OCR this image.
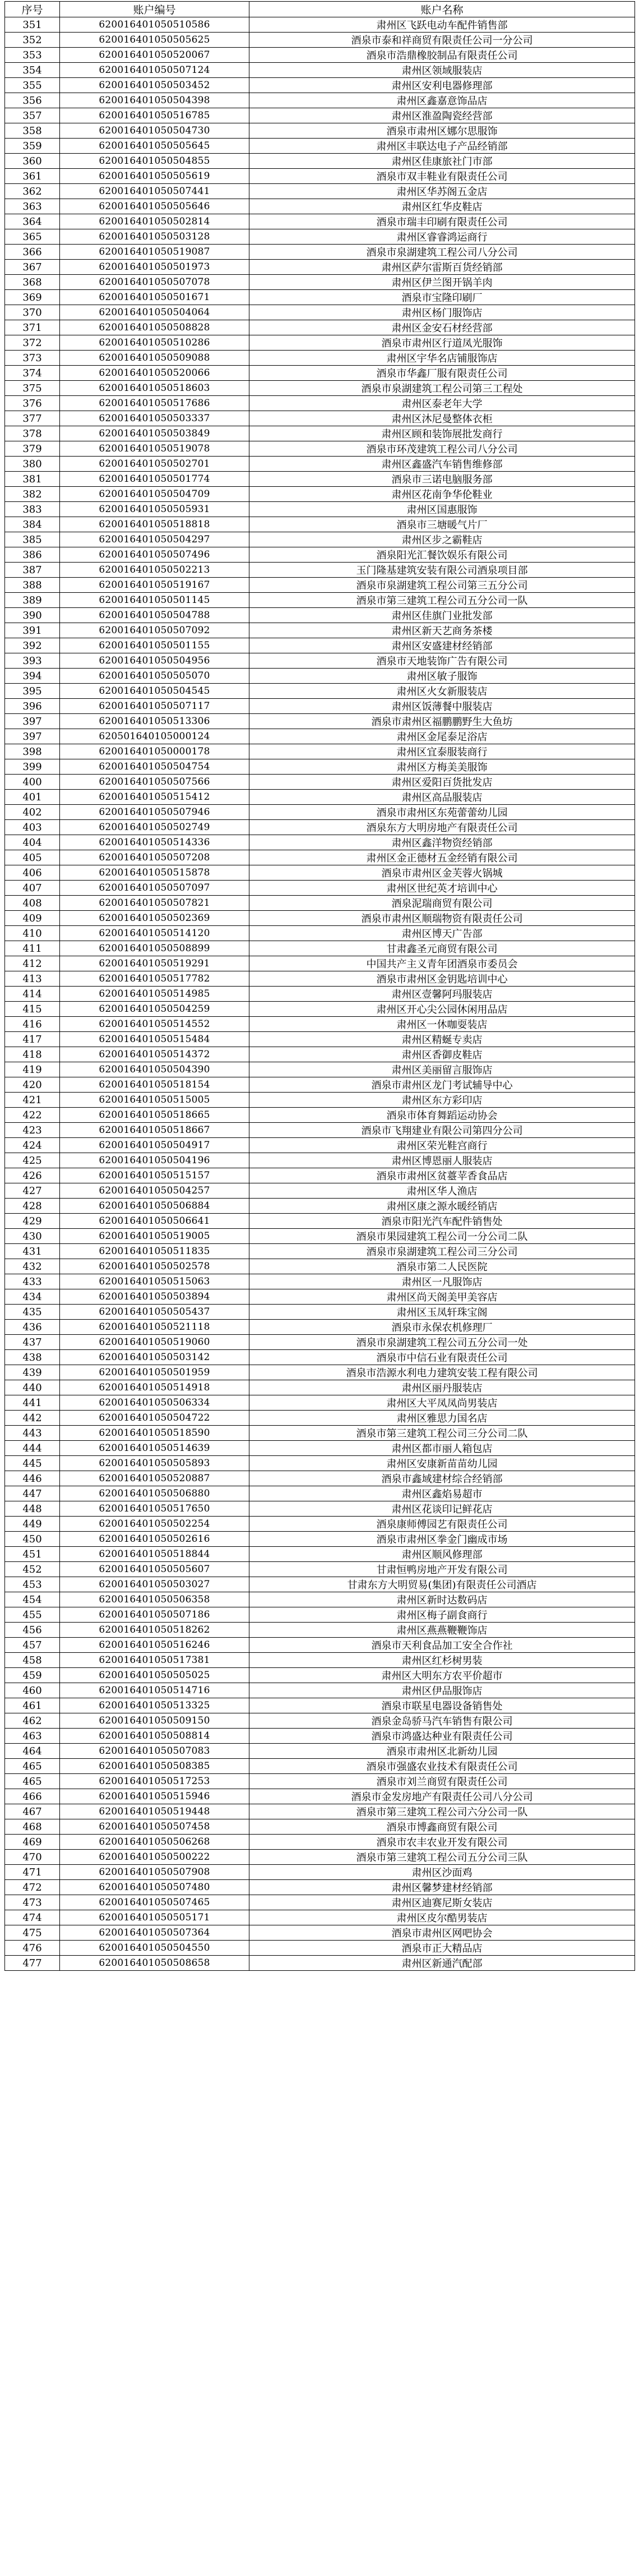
序号	账户编号	账户名称
351	620016401050510586	肃州区飞跃电动车配件销售部
352	620016401050505625	酒泉市泰和祥商贸有限责任公司一分公司
353	620016401050520067	酒泉市浩鼎橡胶制品有限责任公司
354	620016401050507124	肃州区领域服装店
355	620016401050503452	肃州区安利电器修理部
356	620016401050504398	肃州区鑫嘉意饰品店
357	620016401050516785	肃州区淮盈陶瓷经营部
358	620016401050504730	酒泉市肃州区娜尔思服饰
359	620016401050505645	肃州区丰联达电子产品经销部
360	620016401050504855	肃州区佳康旅社门市部
361	620016401050505619	酒泉市双丰鞋业有限责任公司
362	620016401050507441	肃州区华苏阁五金店
363	620016401050505646	肃州区红华皮鞋店
364	620016401050502814	酒泉市瑞丰印刷有限责任公司
365	620016401050503128	肃州区睿睿鸿运商行
366	620016401050519087	酒泉市泉湖建筑工程公司八分公司
367	620016401050501973	肃州区萨尔雷斯百货经销部
368	620016401050507078	肃州区伊兰图开锅羊肉
369	620016401050501671	酒泉市宝隆印刷厂
370	620016401050504064	肃州区杨门服饰店
371	620016401050508828	肃州区金安石材经营部
372	620016401050510286	酒泉市肃州区行道凤光服饰
373	620016401050509088	肃州区宇华名店铺服饰店
374	620016401050520066	酒泉市华鑫厂服有限责任公司
375	620016401050518603	酒泉市泉湖建筑工程公司第三工程处
376	620016401050517686	肃州区泰老年大学
377	620016401050503337	肃州区沐尼曼整体衣柜
378	620016401050503849	肃州区顾和装饰展批发商行
379	620016401050519078	酒泉市环茂建筑工程公司八分公司
380	620016401050502701	肃州区鑫盛汽车销售维修部
381	620016401050501774	酒泉市三诺电脑服务部
382	620016401050504709	肃州区花南争华伦鞋业
383	620016401050505931	肃州区国惠服饰
384	620016401050518818	酒泉市三塘暖气片厂
385	620016401050504297	肃州区步之霸鞋店
386	620016401050507496	酒泉阳光汇餐饮娱乐有限公司
387	620016401050502213	玉门隆基建筑安装有限公司酒泉项目部
388	620016401050519167	酒泉市泉湖建筑工程公司第三五分公司
389	620016401050501145	酒泉市第三建筑工程公司五分公司一队
390	620016401050504788	肃州区佳旗门业批发部
391	620016401050507092	肃州区新天艺商务茶楼
392	620016401050501155	肃州区安盛建材经销部
393	620016401050504956	酒泉市天地装饰广告有限公司
394	620016401050505070	肃州区敏子服饰
395	620016401050504545	肃州区火女新服装店
396	620016401050507117	肃州区饭薄餐中服装店
397	620016401050513306	酒泉市肃州区福鹏鹏野生大鱼坊
397	620501640105000124	肃州区金尾泰足浴店
398	620016401050000178	肃州区宜泰服装商行
399	620016401050504754	肃州区方梅美美服饰
400	620016401050507566	肃州区爱阳百货批发店
401	620016401050515412	肃州区高品服装店
402	620016401050507946	酒泉市肃州区东苑蕾蕾幼儿园
403	620016401050502749	酒泉东方大明房地产有限责任公司
404	620016401050514336	肃州区鑫洋物资经销部
405	620016401050507208	肃州区金正德材五金经销有限公司
406	620016401050515878	酒泉市肃州区金芙蓉火锅城
407	620016401050507097	肃州区世纪英才培训中心
408	620016401050507821	酒泉泥瑞商贸有限公司
409	620016401050502369	酒泉市肃州区顺瑞物资有限责任公司
410	620016401050514120	肃州区博天广告部
411	620016401050508899	甘肃鑫圣元商贸有限公司
412	620016401050519291	中国共产主义青年团酒泉市委员会
413	620016401050517782	酒泉市肃州区金钥匙培训中心
414	620016401050514985	肃州区壹馨阿玛服装店
415	620016401050504259	肃州区开心尖公园休闲用品店
416	620016401050514552	肃州区一休咖耍装店
417	620016401050515484	肃州区精蜒专卖店
418	620016401050514372	肃州区香御皮鞋店
419	620016401050504390	肃州区美丽留言服饰店
420	620016401050518154	酒泉市肃州区龙门考试辅导中心
421	620016401050515005	肃州区东方彩印店
422	620016401050518665	酒泉市体育舞蹈运动协会
423	620016401050518667	酒泉市飞翔建业有限公司第四分公司
424	620016401050504917	肃州区荣光鞋宫商行
425	620016401050504196	肃州区博恩丽人服装店
426	620016401050515157	酒泉市肃州区贫薹苹香食品店
427	620016401050504257	肃州区华人渔店
428	620016401050506884	肃州区康之源水暖经销店
429	620016401050506641	酒泉市阳光汽车配件销售处
430	620016401050519005	酒泉市果园建筑工程公司一分公司二队
431	620016401050511835	酒泉市泉湖建筑工程公司三分公司
432	620016401050502578	酒泉市第二人民医院
433	620016401050515063	肃州区一凡服饰店
434	620016401050503894	肃州区尚天阁美甲美容店
435	620016401050505437	肃州区玉凤轩珠宝阁
436	620016401050521118	酒泉市永保农机修理厂
437	620016401050519060	酒泉市泉湖建筑工程公司五分公司一处
438	620016401050503142	酒泉市中信石业有限责任公司
439	620016401050501959	酒泉市浩源水利电力建筑安装工程有限公司
440	620016401050514918	肃州区丽丹服装店
441	620016401050506334	肃州区大平凤凤尚男装店
442	620016401050504722	肃州区雅思力国名店
443	620016401050518590	酒泉市第三建筑工程公司三分公司二队
444	620016401050514639	肃州区都市丽人箱包店
445	620016401050505893	肃州区安康新苗苗幼儿园
446	620016401050520887	酒泉市鑫域建材综合经销部
447	620016401050506880	肃州区鑫焰易超市
448	620016401050517650	肃州区花谈印记鲜花店
449	620016401050502254	酒泉康师傅园艺有限责任公司
450	620016401050502616	酒泉市肃州区拳金门幽成市场
451	620016401050518844	肃州区顺风修理部
452	620016401050505607	甘肃恒鸭房地产开发有限公司
453	620016401050503027	甘肃东方大明贸易(集团)有限责任公司酒店
454	620016401050506358	肃州区新时达数码店
455	620016401050507186	肃州区梅子副食商行
456	620016401050518262	肃州区燕燕鞭鞭饰店
457	620016401050516246	酒泉市天利食品加工安全合作社
458	620016401050517381	肃州区红杉树男装
459	620016401050505025	肃州区大明东方农平价超市
460	620016401050514716	肃州区伊品服饰店
461	620016401050513325	酒泉市联星电器设备销售处
462	620016401050509150	酒泉金岛骄马汽车销售有限公司
463	620016401050508814	酒泉市鸿盛达种业有限责任公司
464	620016401050507083	酒泉市肃州区北新幼儿园
465	620016401050508385	酒泉市强盛农业技术有限责任公司
465	620016401050517253	酒泉市刘兰商贸有限责任公司
466	620016401050515946	酒泉市金发房地产有限责任公司八分公司
467	620016401050519448	酒泉市第三建筑工程公司六分公司一队
468	620016401050507458	酒泉市博鑫商贸有限公司
469	620016401050506268	酒泉市农丰农业开发有限公司
470	620016401050500222	酒泉市第三建筑工程公司五分公司三队
471	620016401050507908	肃州区沙面鸡
472	620016401050507480	肃州区馨梦建材经销部
473	620016401050507465	肃州区迪赛尼斯女装店
474	620016401050505171	肃州区皮尔酷男装店
475	620016401050507364	酒泉市肃州区网吧协会
476	620016401050504550	酒泉市正大精品店
477	620016401050508658	肃州区新通汽配部
